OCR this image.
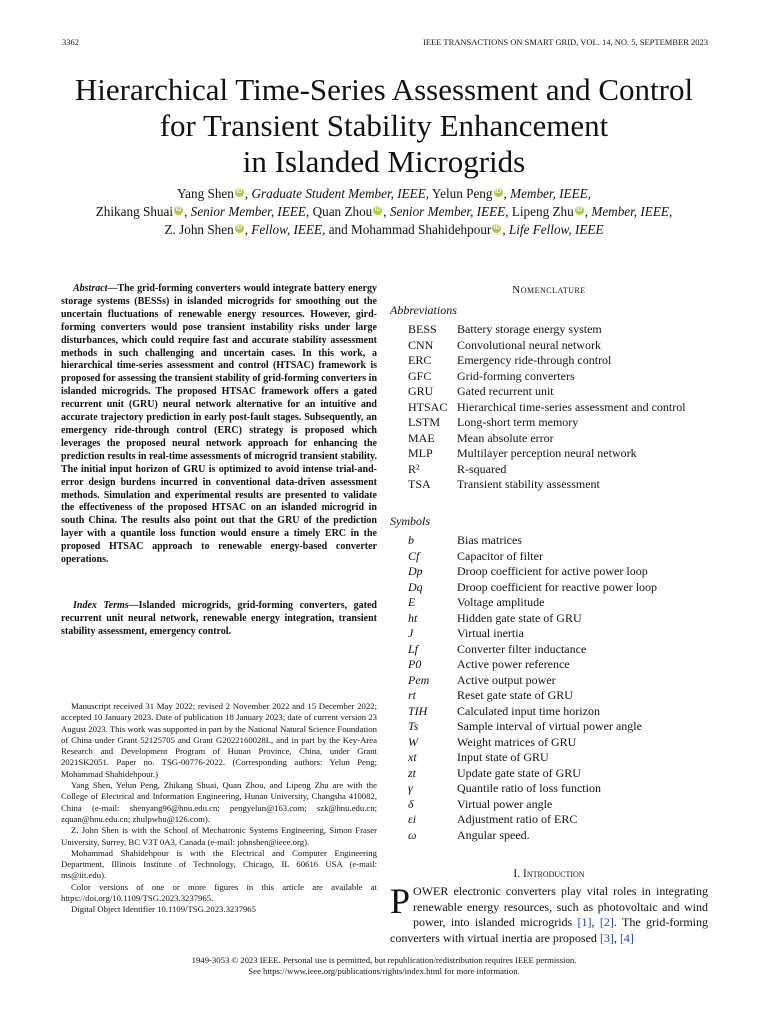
3362	IEEE TRANSACTIONS ON SMART GRID, VOL. 14, NO. 5, SEPTEMBER 2023
Hierarchical Time-Series Assessment and Control
for Transient Stability Enhancement
in Islanded Microgrids
Yang Shen iD , Graduate Student Member, IEEE, Yelun Peng iD , Member, IEEE,
Zhikang Shuai iD , Senior Member, IEEE, Quan Zhou iD , Senior Member, IEEE, Lipeng Zhu iD , Member, IEEE,
Z. John Shen iD , Fellow, IEEE, and Mohammad Shahidehpour iD , Life Fellow, IEEE

Abstract—The grid-forming converters would integrate battery energy storage systems (BESSs) in islanded microgrids for smoothing out the uncertain fluctuations of renewable energy resources. However, gird-forming converters would pose transient instability risks under large disturbances, which could require fast and accurate stability assessment methods in such challenging and uncertain cases. In this work, a hierarchical time-series assessment and control (HTSAC) framework is proposed for assessing the transient stability of grid-forming converters in islanded microgrids. The proposed HTSAC framework offers a gated recurrent unit (GRU) neural network alternative for an intuitive and accurate trajectory prediction in early post-fault stages. Subsequently, an emergency ride-through control (ERC) strategy is proposed which leverages the proposed neural network approach for enhancing the prediction results in real-time assessments of microgrid transient stability. The initial input horizon of GRU is optimized to avoid intense trial-and-error design burdens incurred in conventional data-driven assessment methods. Simulation and experimental results are presented to validate the effectiveness of the proposed HTSAC on an islanded microgrid in south China. The results also point out that the GRU of the prediction layer with a quantile loss function would ensure a timely ERC in the proposed HTSAC approach to renewable energy-based converter operations.

Index Terms—Islanded microgrids, grid-forming converters, gated recurrent unit neural network, renewable energy integration, transient stability assessment, emergency control.

Manuscript received 31 May 2022; revised 2 November 2022 and 15 December 2022; accepted 10 January 2023. Date of publication 18 January 2023; date of current version 23 August 2023. This work was supported in part by the National Natural Science Foundation of China under Grant 52125705 and Grant G2022160028L, and in part by the Key-Area Research and Development Program of Hunan Province, China, under Grant 2021SK2051. Paper no. TSG-00776-2022. (Corresponding authors: Yelun Peng; Mohammad Shahidehpour.)

Yang Shen, Yelun Peng, Zhikang Shuai, Quan Zhou, and Lipeng Zhu are with the College of Electrical and Information Engineering, Hunan University, Changsha 410082, China (e-mail: shenyang96@hnu.edu.cn; pengyelun@163.com; szk@hnu.edu.cn; zquan@hnu.edu.cn; zhulpwhu@126.com).

Z. John Shen is with the School of Mechatronic Systems Engineering, Simon Fraser University, Surrey, BC V3T 0A3, Canada (e-mail: johnshen@ieee.org).

Mohammad Shahidehpour is with the Electrical and Computer Engineering Department, Illinois Institute of Technology, Chicago, IL 60616 USA (e-mail: ms@iit.edu).

Color versions of one or more figures in this article are available at https://doi.org/10.1109/TSG.2023.3237965.

Digital Object Identifier 10.1109/TSG.2023.3237965

Nomenclature
Abbreviations
BESS	Battery storage energy system
CNN	Convolutional neural network
ERC	Emergency ride-through control
GFC	Grid-forming converters
GRU	Gated recurrent unit
HTSAC Hierarchical time-series assessment and control
LSTM	Long-short term memory
MAE	Mean absolute error
MLP	Multilayer perception neural network
R²	R-squared
TSA	Transient stability assessment
Symbols
b	Bias matrices
Cf	Capacitor of filter
Dp	Droop coefficient for active power loop
Dq	Droop coefficient for reactive power loop
E	Voltage amplitude
ht	Hidden gate state of GRU
J	Virtual inertia
Lf	Converter filter inductance
P0	Active power reference
Pem	Active output power
rt	Reset gate state of GRU
TIH	Calculated input time horizon
Ts	Sample interval of virtual power angle
W	Weight matrices of GRU
xt	Input state of GRU
zt	Update gate state of GRU
γ	Quantile ratio of loss function
δ	Virtual power angle
εi	Adjustment ratio of ERC
ω	Angular speed.
I. Introduction
POWER electronic converters play vital roles in integrating renewable energy resources, such as photovoltaic and wind power, into islanded microgrids [1], [2]. The grid-forming converters with virtual inertia are proposed [3], [4]
1949-3053 © 2023 IEEE. Personal use is permitted, but republication/redistribution requires IEEE permission.
See https://www.ieee.org/publications/rights/index.html for more information.
